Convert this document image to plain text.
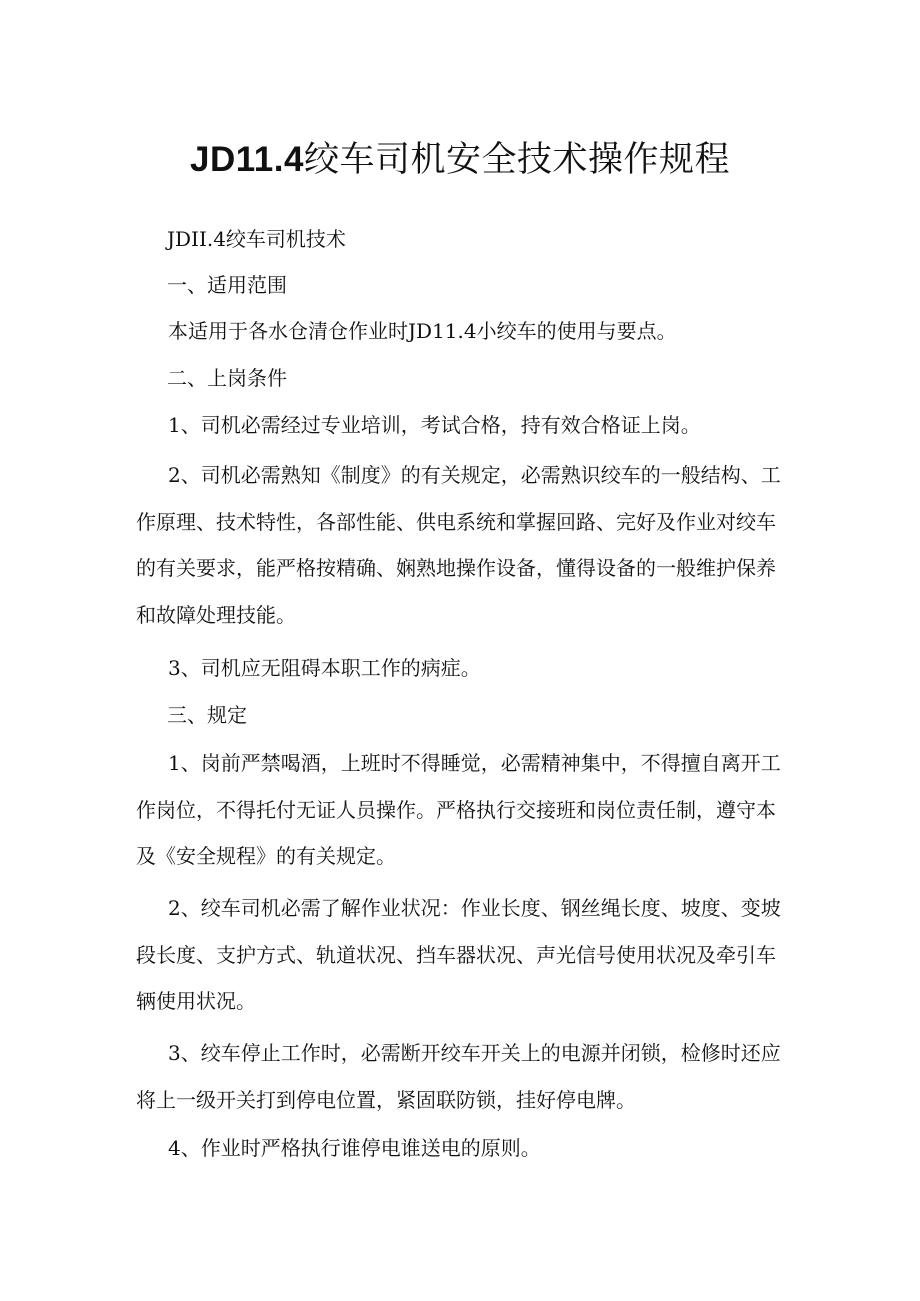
JD11.4绞车司机安全技术操作规程
JDII.4绞车司机技术
一、适用范围
本适用于各水仓清仓作业时JD11.4小绞车的使用与要点。
二、上岗条件
1、司机必需经过专业培训，考试合格，持有效合格证上岗。
2、司机必需熟知《制度》的有关规定，必需熟识绞车的一般结构、工
作原理、技术特性，各部性能、供电系统和掌握回路、完好及作业对绞车
的有关要求，能严格按精确、娴熟地操作设备，懂得设备的一般维护保养
和故障处理技能。
3、司机应无阻碍本职工作的病症。
三、规定
1、岗前严禁喝酒，上班时不得睡觉，必需精神集中，不得擅自离开工
作岗位，不得托付无证人员操作。严格执行交接班和岗位责任制，遵守本
及《安全规程》的有关规定。
2、绞车司机必需了解作业状况：作业长度、钢丝绳长度、坡度、变坡
段长度、支护方式、轨道状况、挡车器状况、声光信号使用状况及牵引车
辆使用状况。
3、绞车停止工作时，必需断开绞车开关上的电源并闭锁，检修时还应
将上一级开关打到停电位置，紧固联防锁，挂好停电牌。
4、作业时严格执行谁停电谁送电的原则。
